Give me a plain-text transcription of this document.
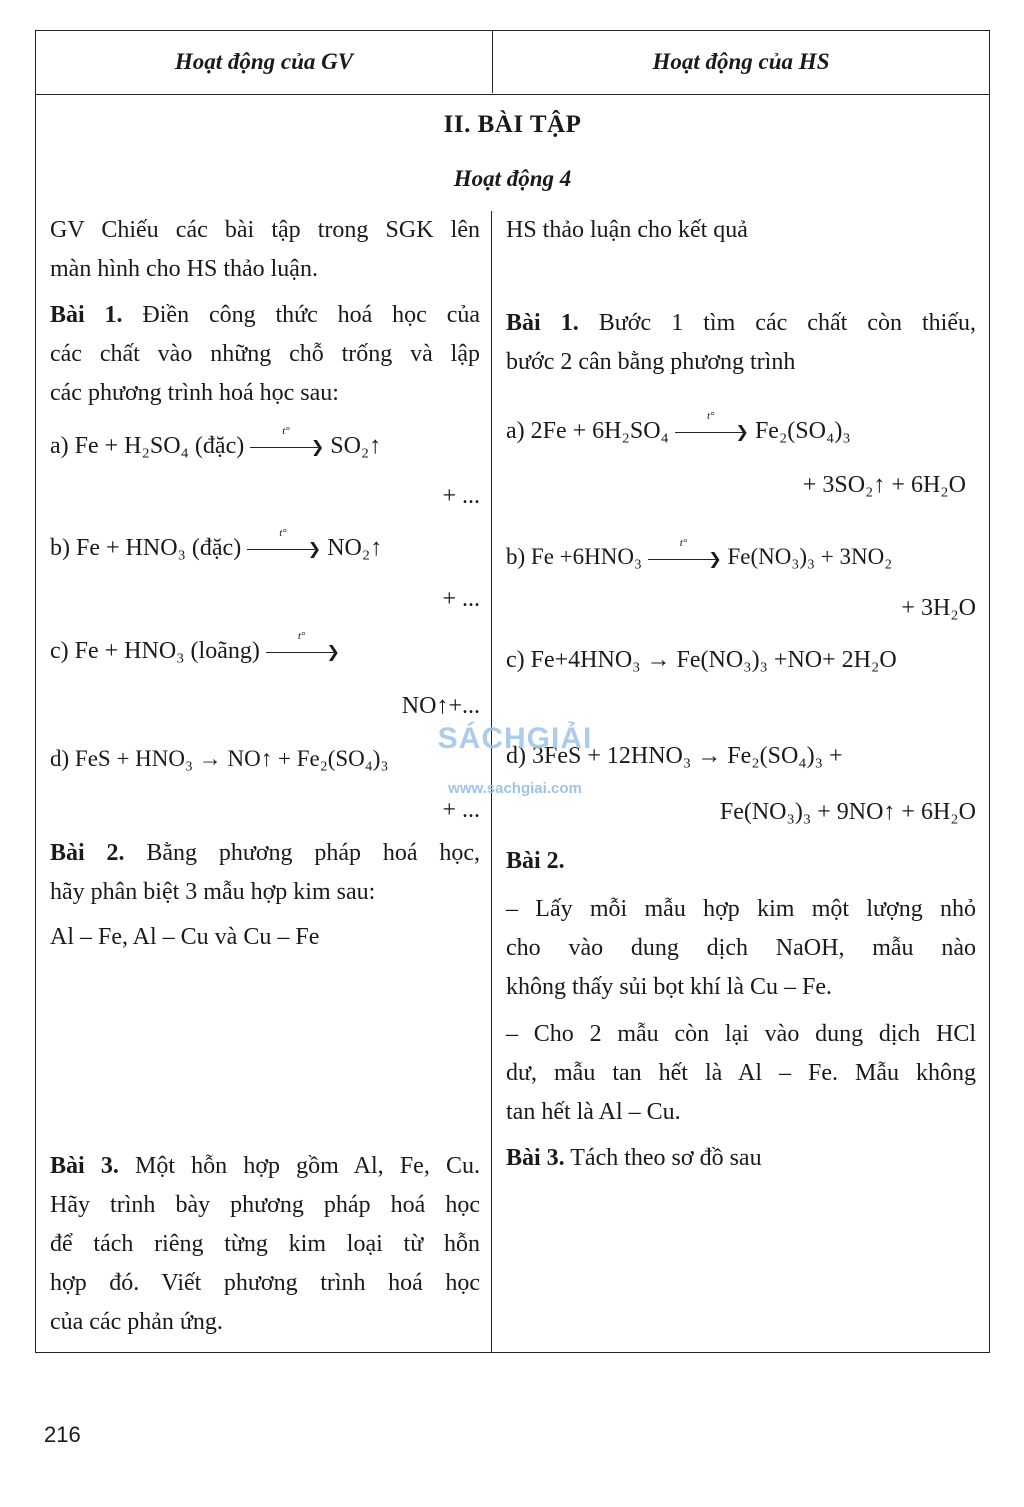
Hoạt động của GV	Hoạt động của HS
II. BÀI TẬP
Hoạt động 4
GV Chiếu các bài tập trong SGK lên
màn hình cho HS thảo luận.
Bài 1. Điền công thức hoá học của
các chất vào những chỗ trống và lập
các phương trình hoá học sau:
a) Fe + H₂SO₄ (đặc)
t°
❯ SO₂↑
+ ...
b) Fe + HNO₃ (đặc)
t°
❯ NO₂↑
+ ...
c) Fe + HNO₃ (loãng)
t°
❯
NO↑+...
d) FeS + HNO₃ → NO↑ + Fe₂(SO₄)₃
+ ...
Bài 2. Bằng phương pháp hoá học,
hãy phân biệt 3 mẫu hợp kim sau:
Al – Fe, Al – Cu và Cu – Fe
Bài 3. Một hỗn hợp gồm Al, Fe, Cu.
Hãy trình bày phương pháp hoá học
để tách riêng từng kim loại từ hỗn
hợp đó. Viết phương trình hoá học
của các phản ứng.
HS thảo luận cho kết quả
Bài 1. Bước 1 tìm các chất còn thiếu,
bước 2 cân bằng phương trình
a) 2Fe + 6H₂SO₄
t°
❯ Fe₂(SO₄)₃
+ 3SO₂↑ + 6H₂O
b) Fe +6HNO₃
t°
❯ Fe(NO₃)₃ + 3NO₂
+ 3H₂O
c) Fe+4HNO₃ → Fe(NO₃)₃ +NO+ 2H₂O
d) 3FeS + 12HNO₃ → Fe₂(SO₄)₃ +
Fe(NO₃)₃ + 9NO↑ + 6H₂O
Bài 2.
– Lấy mỗi mẫu hợp kim một lượng nhỏ
cho vào dung dịch NaOH, mẫu nào
không thấy sủi bọt khí là Cu – Fe.
– Cho 2 mẫu còn lại vào dung dịch HCl
dư, mẫu tan hết là Al – Fe. Mẫu không
tan hết là Al – Cu.
Bài 3. Tách theo sơ đồ sau
SÁCHGIẢI
www.sachgiai.com
216
